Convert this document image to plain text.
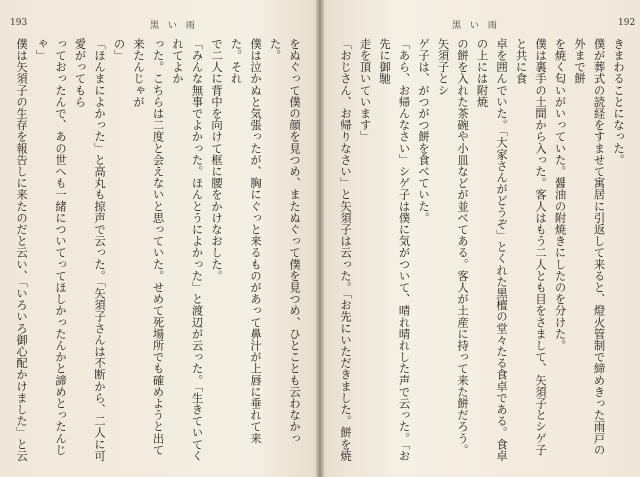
193	黒 い 雨

をぬぐって僕の顔を見つめ、またぬぐって僕を見つめ、ひとことも云わなかった。

僕は泣かぬと気張ったが、胸にぐっと来るものがあって鼻汁が上唇に垂れて来た。それ

で二人に背中を向けて框に腰をかけなおした。

「みんな無事でよかった。ほんとうによかった」と渡辺が云った。「生きていてくれてよか

った。こちらは二度と会えないと思っていた。せめて死場所でも確めようと出て来たんじゃが

の」

「ほんまによかった」と高丸も掠声で云った。「矢須子さんは不断から、二人に可愛がってもら

っておったんで、あの世へも一緒についてってほしかったんかと諦めとったんじゃ」

僕は矢須子の生存を報告しに来たのだと云い、「いろいろ御心配かけました」と云

192
黒 い 雨

きまわることになった。

僕が葬式の読経をすませて寓居に引返して来ると、燈火管制で締めきった雨戸の外まで餅

を焼く匂いがいっていた。醤油の附焼きにしたのを分けた。

僕は裏手の土間から入った。客人はもう二人とも目をさまして、矢須子とシゲ子と共に食

卓を囲んでいた。「大家さんがどうぞ」とくれた黒檀の堂々たる食卓である。食卓の上には附焼

の餅を入れた茶碗や小皿などが並べてある。客人が土産に持って来た餅だろう。矢須子とシ

ゲ子は、がつがつ餅を食べていた。

「あら、お帰んなさい」シゲ子は僕に気がついて、晴れ晴れした声で云った。「お先に御馳

走を頂いています」

「おじさん、お帰りなさい」と矢須子は云った。「お先にいただきました。餅を焼
